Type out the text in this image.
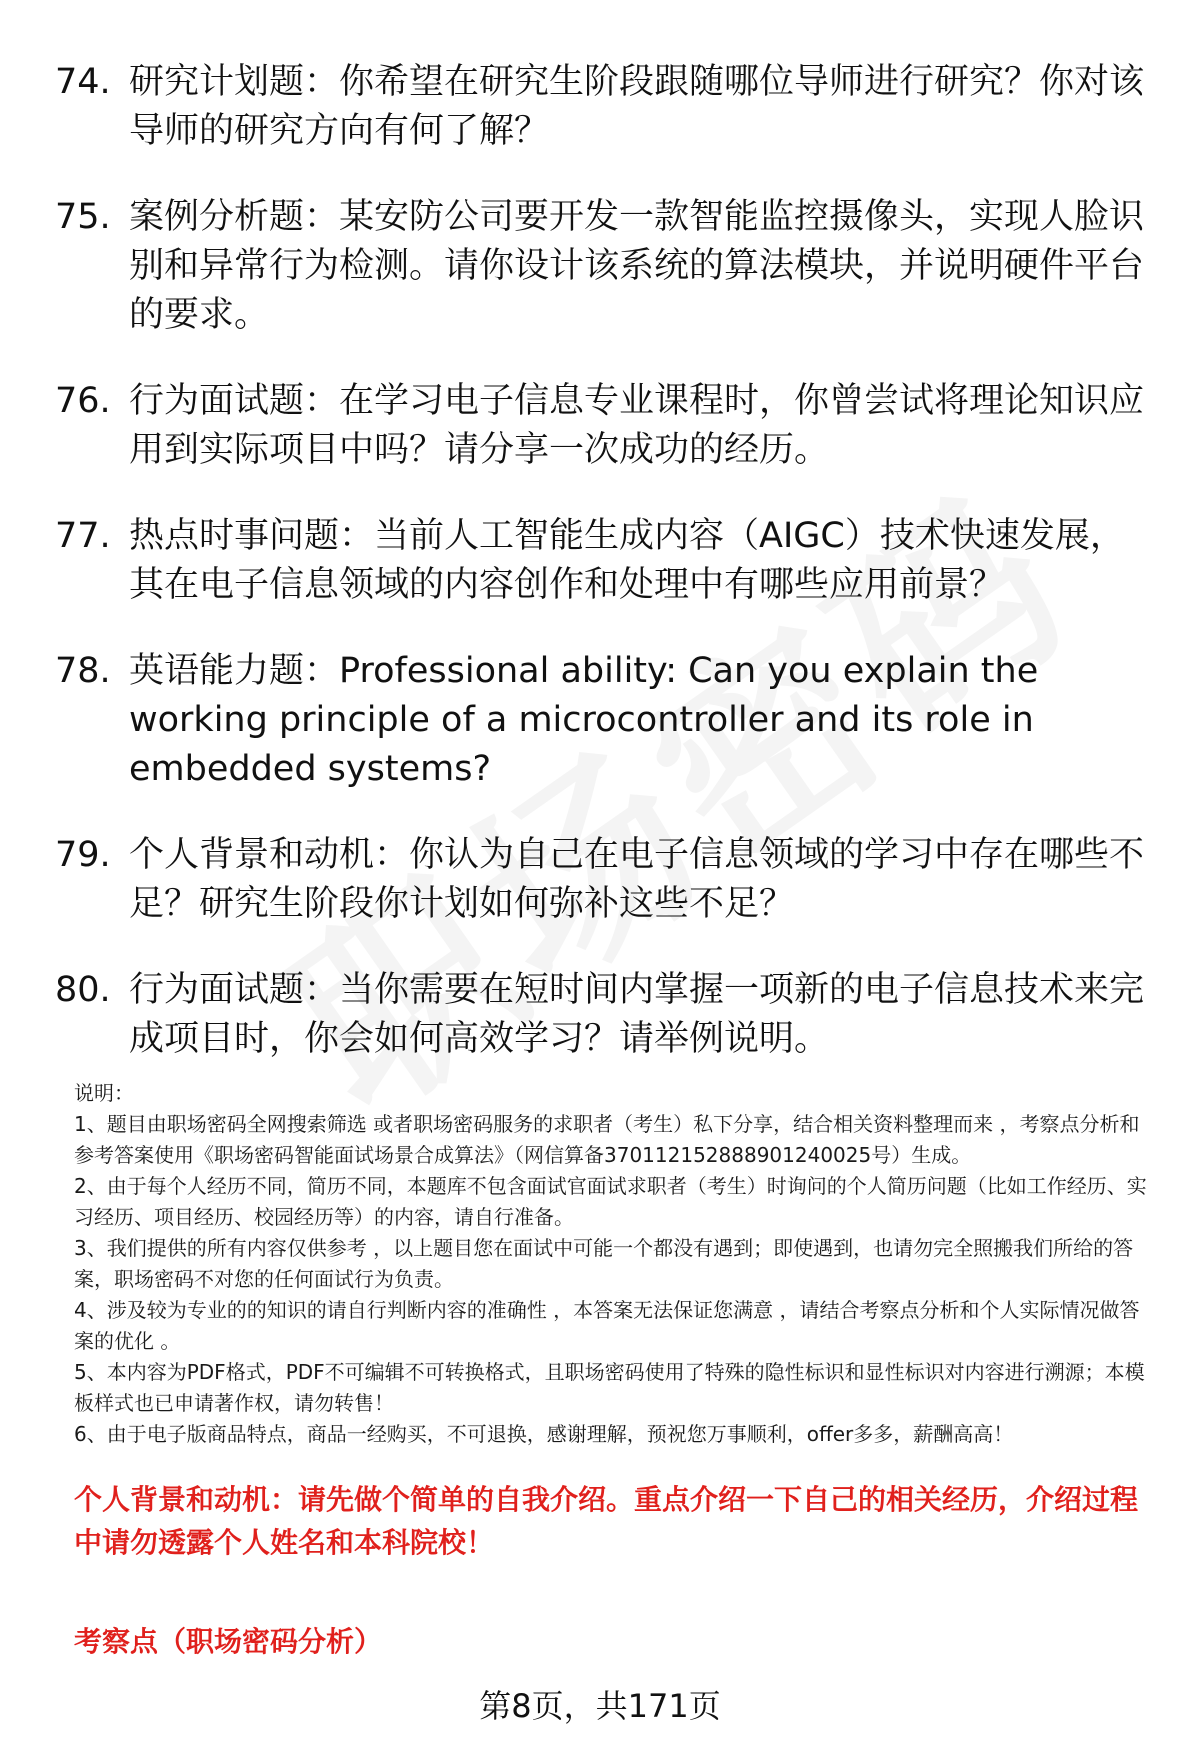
74. 研究计划题：你希望在研究生阶段跟随哪位导师进行研究？你对该导师的研究方向有何了解？
75. 案例分析题：某安防公司要开发一款智能监控摄像头，实现人脸识别和异常行为检测。请你设计该系统的算法模块，并说明硬件平台的要求。
76. 行为面试题：在学习电子信息专业课程时，你曾尝试将理论知识应用到实际项目中吗？请分享一次成功的经历。
77. 热点时事问题：当前人工智能生成内容（AIGC）技术快速发展，其在电子信息领域的内容创作和处理中有哪些应用前景？
78. 英语能力题：Professional ability: Can you explain the working principle of a microcontroller and its role in embedded systems?
79. 个人背景和动机：你认为自己在电子信息领域的学习中存在哪些不足？研究生阶段你计划如何弥补这些不足？
80. 行为面试题：当你需要在短时间内掌握一项新的电子信息技术来完成项目时，你会如何高效学习？请举例说明。

说明：

1、题目由职场密码全网搜索筛选 或者职场密码服务的求职者（考生）私下分享，结合相关资料整理而来 ，考察点分析和参考答案使用《职场密码智能面试场景合成算法》（网信算备370112152888901240025号）生成。

2、由于每个人经历不同，简历不同，本题库不包含面试官面试求职者（考生）时询问的个人简历问题（比如工作经历、实习经历、项目经历、校园经历等）的内容，请自行准备。

3、我们提供的所有内容仅供参考 ，以上题目您在面试中可能一个都没有遇到；即使遇到，也请勿完全照搬我们所给的答案，职场密码不对您的任何面试行为负责。

4、涉及较为专业的的知识的请自行判断内容的准确性 ，本答案无法保证您满意 ，请结合考察点分析和个人实际情况做答案的优化 。

5、本内容为PDF格式，PDF不可编辑不可转换格式，且职场密码使用了特殊的隐性标识和显性标识对内容进行溯源；本模板样式也已申请著作权，请勿转售！

6、由于电子版商品特点，商品一经购买，不可退换，感谢理解，预祝您万事顺利，offer多多，薪酬高高！

个人背景和动机：请先做个简单的自我介绍。重点介绍一下自己的相关经历，介绍过程中请勿透露个人姓名和本科院校！
考察点（职场密码分析）
第8页，共171页
